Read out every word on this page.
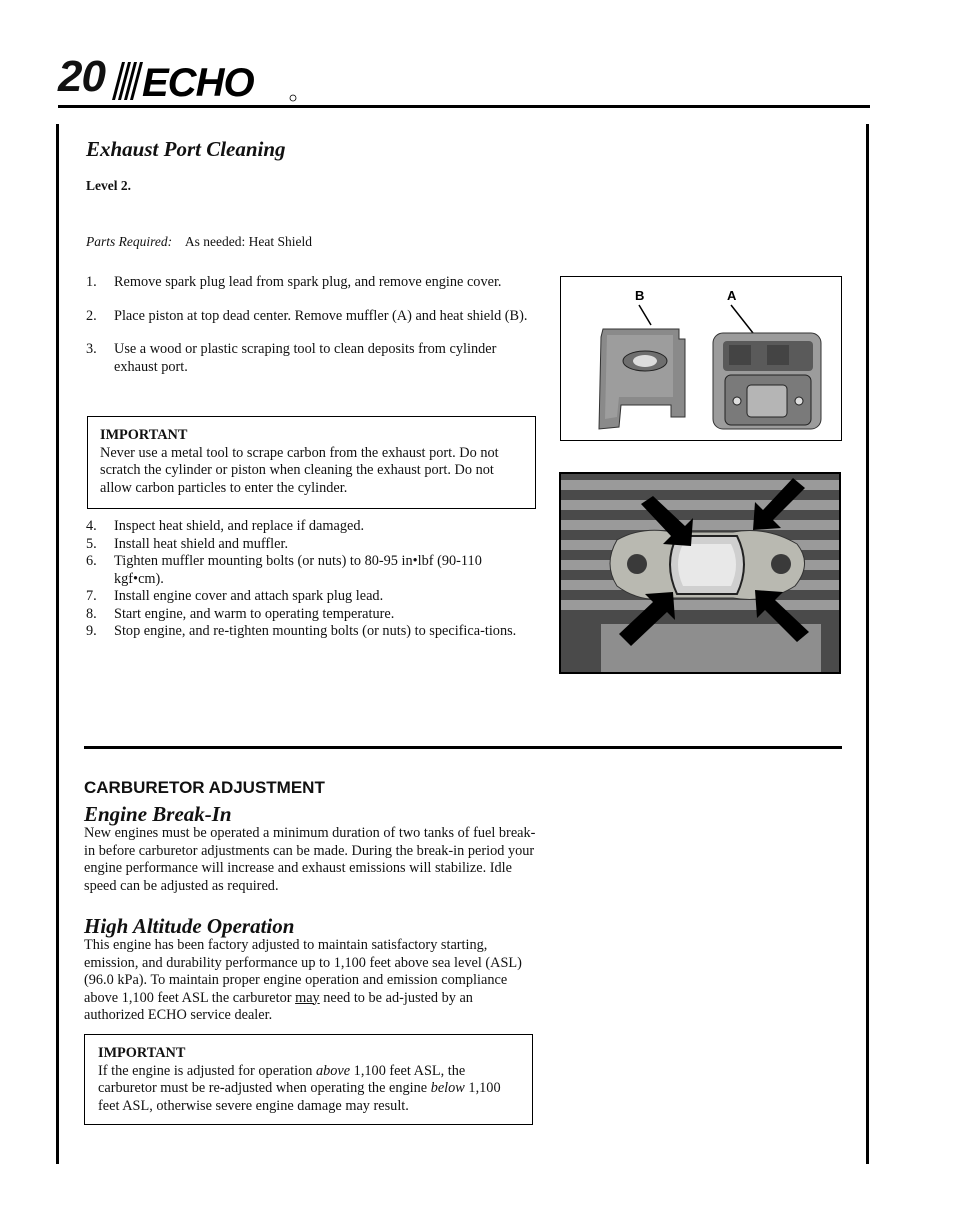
20 ECHO
Exhaust Port Cleaning
Level 2.
Parts Required: As needed: Heat Shield
1. Remove spark plug lead from spark plug, and remove engine cover.
2. Place piston at top dead center. Remove muffler (A) and heat shield (B).
3. Use a wood or plastic scraping tool to clean deposits from cylinder exhaust port.
IMPORTANT
Never use a metal tool to scrape carbon from the exhaust port. Do not scratch the cylinder or piston when cleaning the exhaust port. Do not allow carbon particles to enter the cylinder.
4. Inspect heat shield, and replace if damaged.
5. Install heat shield and muffler.
6. Tighten muffler mounting bolts (or nuts) to 80-95 in•lbf (90-110 kgf•cm).
7. Install engine cover and attach spark plug lead.
8. Start engine, and warm to operating temperature.
9. Stop engine, and re-tighten mounting bolts (or nuts) to specifica-tions.
B	A
CARBURETOR ADJUSTMENT
Engine Break-In
New engines must be operated a minimum duration of two tanks of fuel break-in before carburetor adjustments can be made. During the break-in period your engine performance will increase and exhaust emissions will stabilize. Idle speed can be adjusted as required.
High Altitude Operation
This engine has been factory adjusted to maintain satisfactory starting, emission, and durability performance up to 1,100 feet above sea level (ASL) (96.0 kPa). To maintain proper engine operation and emission compliance above 1,100 feet ASL the carburetor may need to be ad-justed by an authorized ECHO service dealer.
IMPORTANT
If the engine is adjusted for operation above 1,100 feet ASL, the carburetor must be re-adjusted when operating the engine below 1,100 feet ASL, otherwise severe engine damage may result.
